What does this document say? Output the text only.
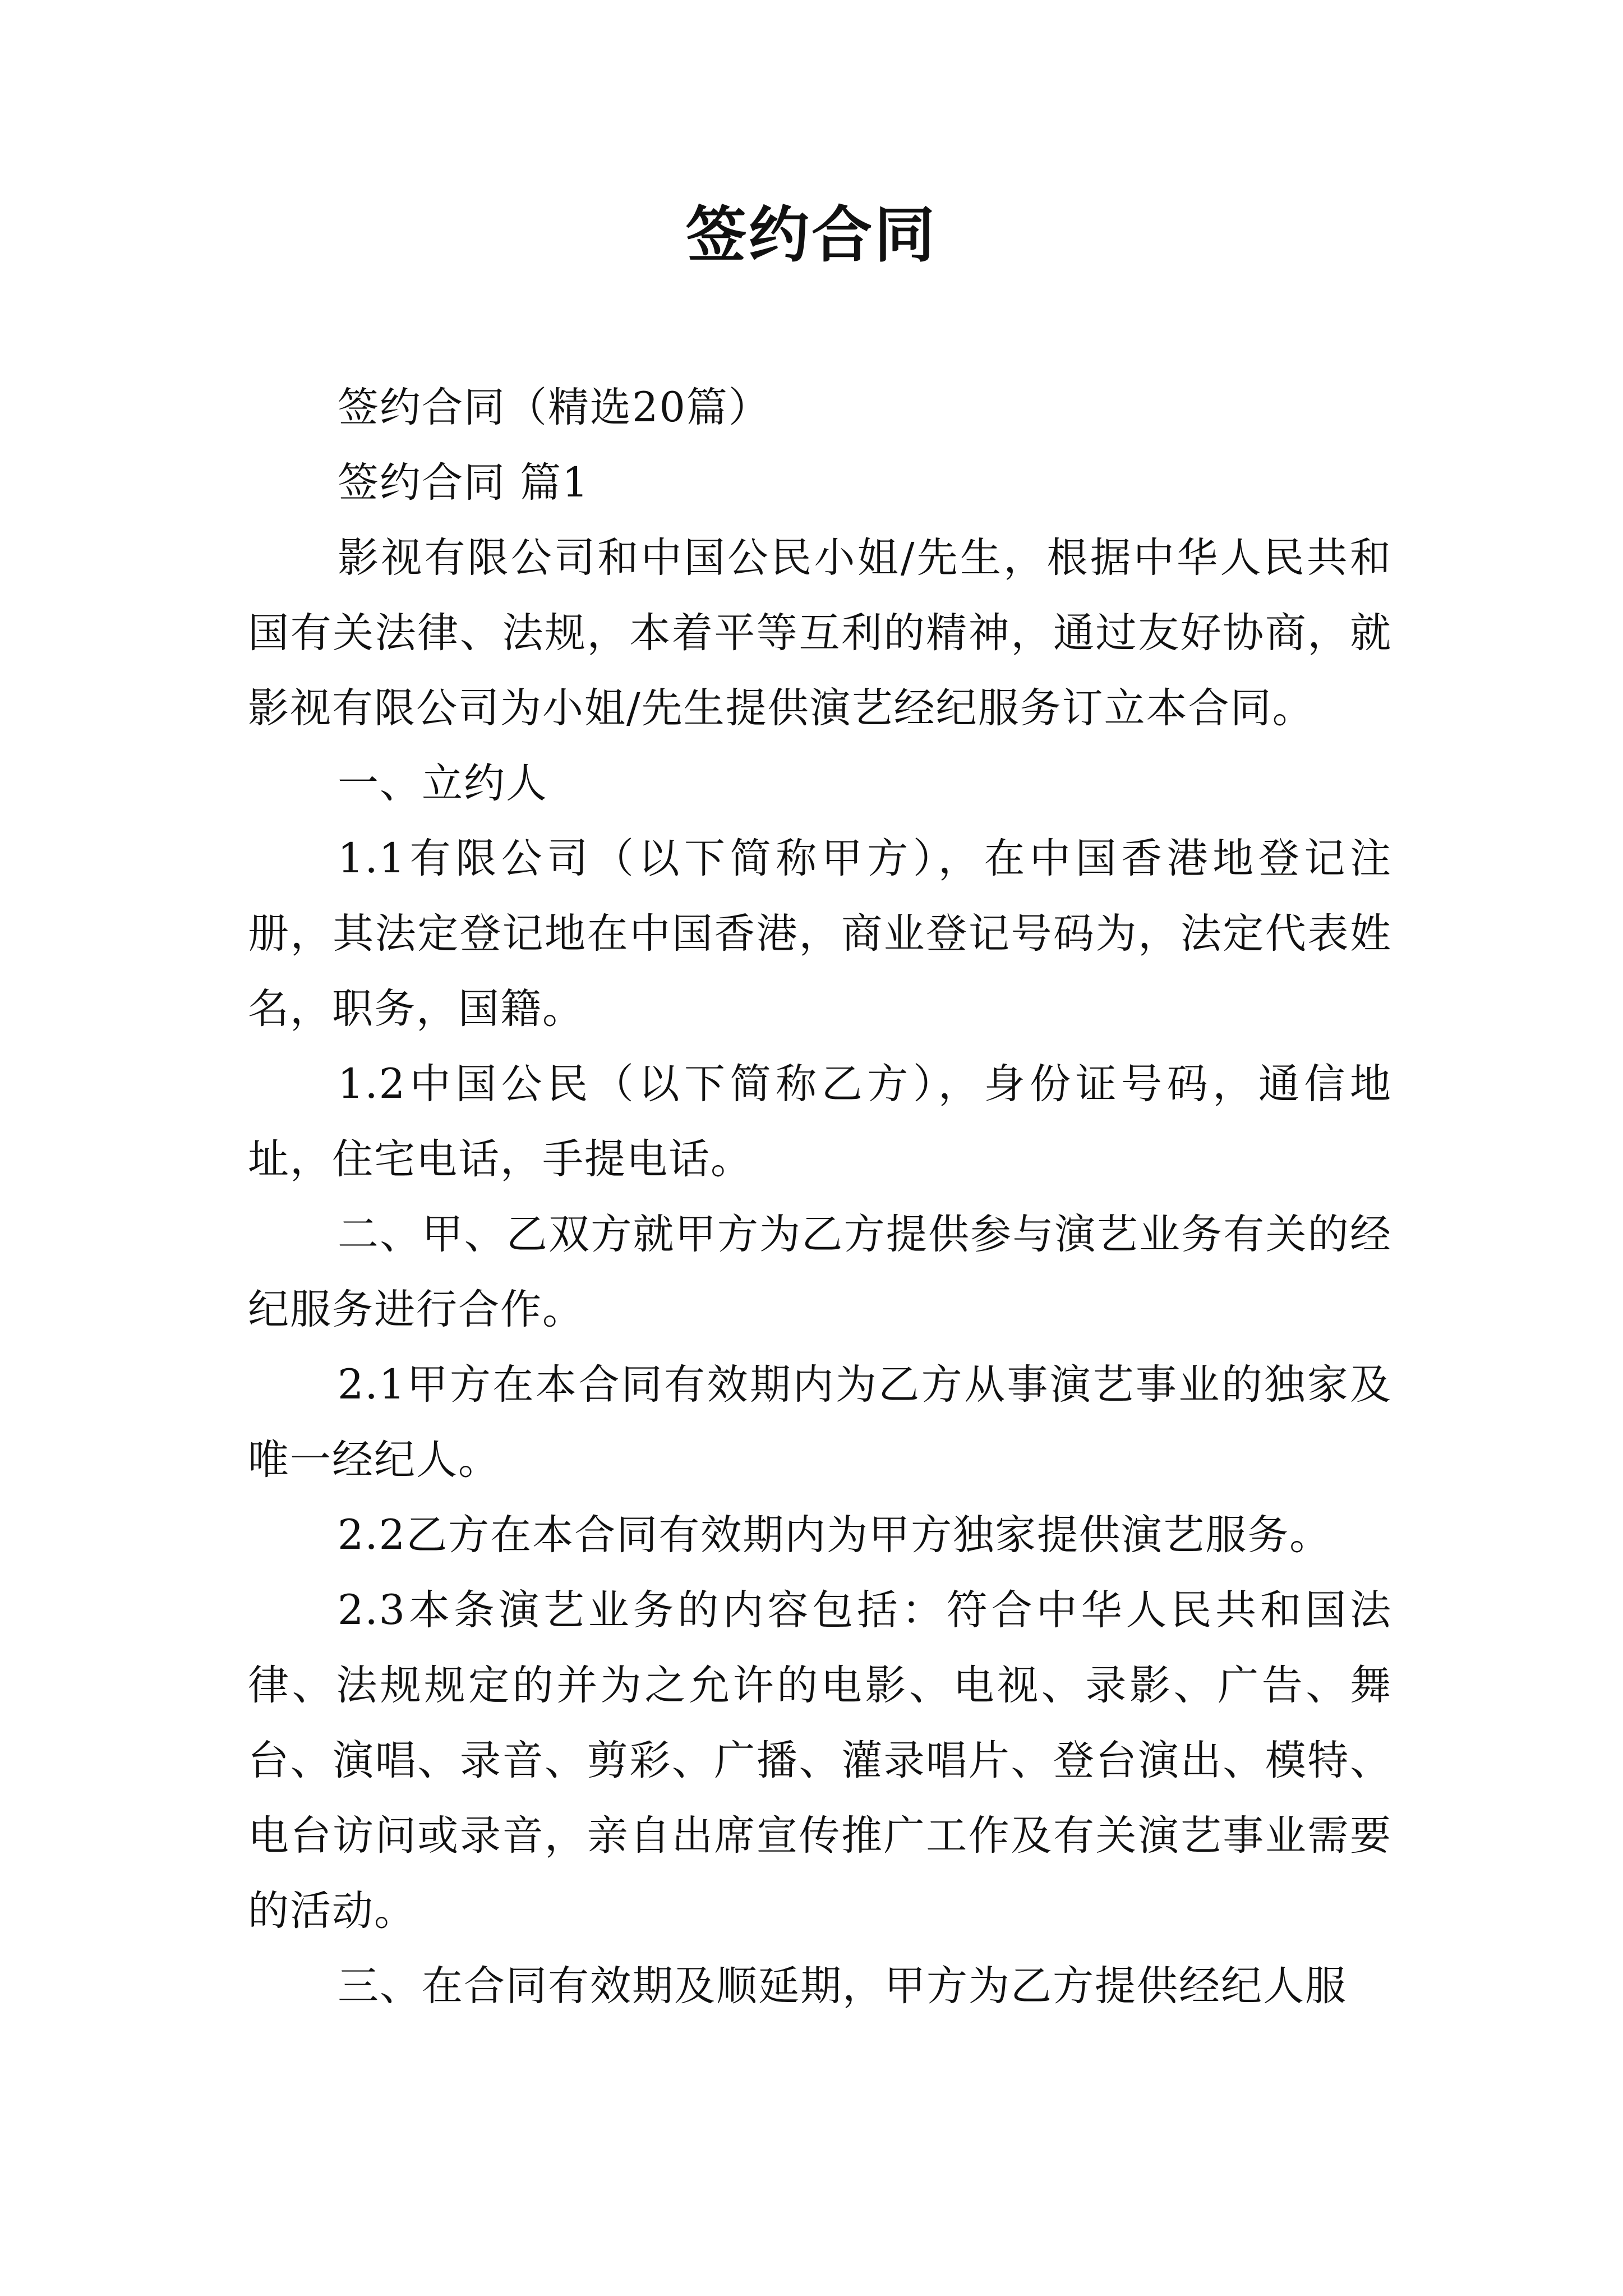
签约合同

签约合同（精选20篇）

签约合同 篇1

影视有限公司和中国公民小姐/先生，根据中华人民共和国有关法律、法规，本着平等互利的精神，通过友好协商，就影视有限公司为小姐/先生提供演艺经纪服务订立本合同。

一、立约人

1.1有限公司（以下简称甲方），在中国香港地登记注册，其法定登记地在中国香港，商业登记号码为，法定代表姓名，职务，国籍。

1.2中国公民（以下简称乙方），身份证号码，通信地址，住宅电话，手提电话。

二、甲、乙双方就甲方为乙方提供参与演艺业务有关的经纪服务进行合作。

2.1甲方在本合同有效期内为乙方从事演艺事业的独家及唯一经纪人。

2.2乙方在本合同有效期内为甲方独家提供演艺服务。

2.3本条演艺业务的内容包括：符合中华人民共和国法律、法规规定的并为之允许的电影、电视、录影、广告、舞台、演唱、录音、剪彩、广播、灌录唱片、登台演出、模特、电台访问或录音，亲自出席宣传推广工作及有关演艺事业需要的活动。

三、在合同有效期及顺延期，甲方为乙方提供经纪人服
